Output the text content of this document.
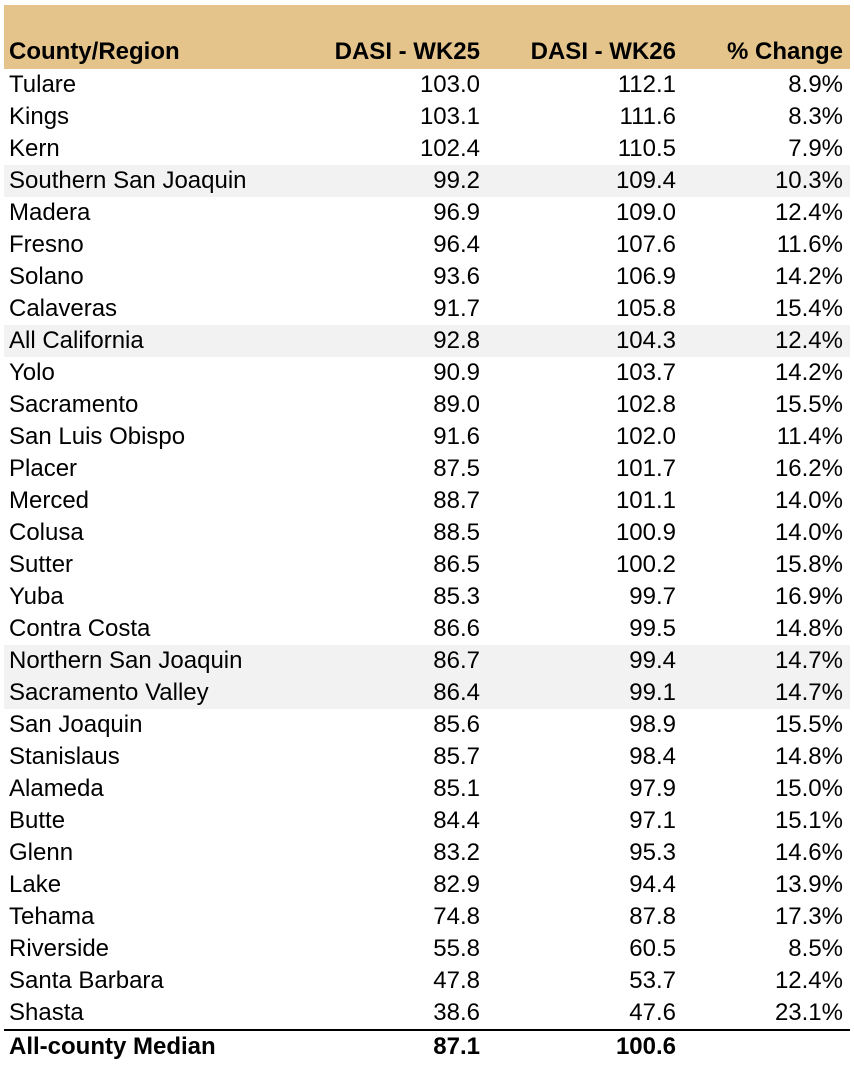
County/Region	DASI - WK25	DASI - WK26	% Change
Tulare	103.0	112.1	8.9%
Kings	103.1	111.6	8.3%
Kern	102.4	110.5	7.9%
Southern San Joaquin	99.2	109.4	10.3%
Madera	96.9	109.0	12.4%
Fresno	96.4	107.6	11.6%
Solano	93.6	106.9	14.2%
Calaveras	91.7	105.8	15.4%
All California	92.8	104.3	12.4%
Yolo	90.9	103.7	14.2%
Sacramento	89.0	102.8	15.5%
San Luis Obispo	91.6	102.0	11.4%
Placer	87.5	101.7	16.2%
Merced	88.7	101.1	14.0%
Colusa	88.5	100.9	14.0%
Sutter	86.5	100.2	15.8%
Yuba	85.3	99.7	16.9%
Contra Costa	86.6	99.5	14.8%
Northern San Joaquin	86.7	99.4	14.7%
Sacramento Valley	86.4	99.1	14.7%
San Joaquin	85.6	98.9	15.5%
Stanislaus	85.7	98.4	14.8%
Alameda	85.1	97.9	15.0%
Butte	84.4	97.1	15.1%
Glenn	83.2	95.3	14.6%
Lake	82.9	94.4	13.9%
Tehama	74.8	87.8	17.3%
Riverside	55.8	60.5	8.5%
Santa Barbara	47.8	53.7	12.4%
Shasta	38.6	47.6	23.1%
All-county Median	87.1	100.6
